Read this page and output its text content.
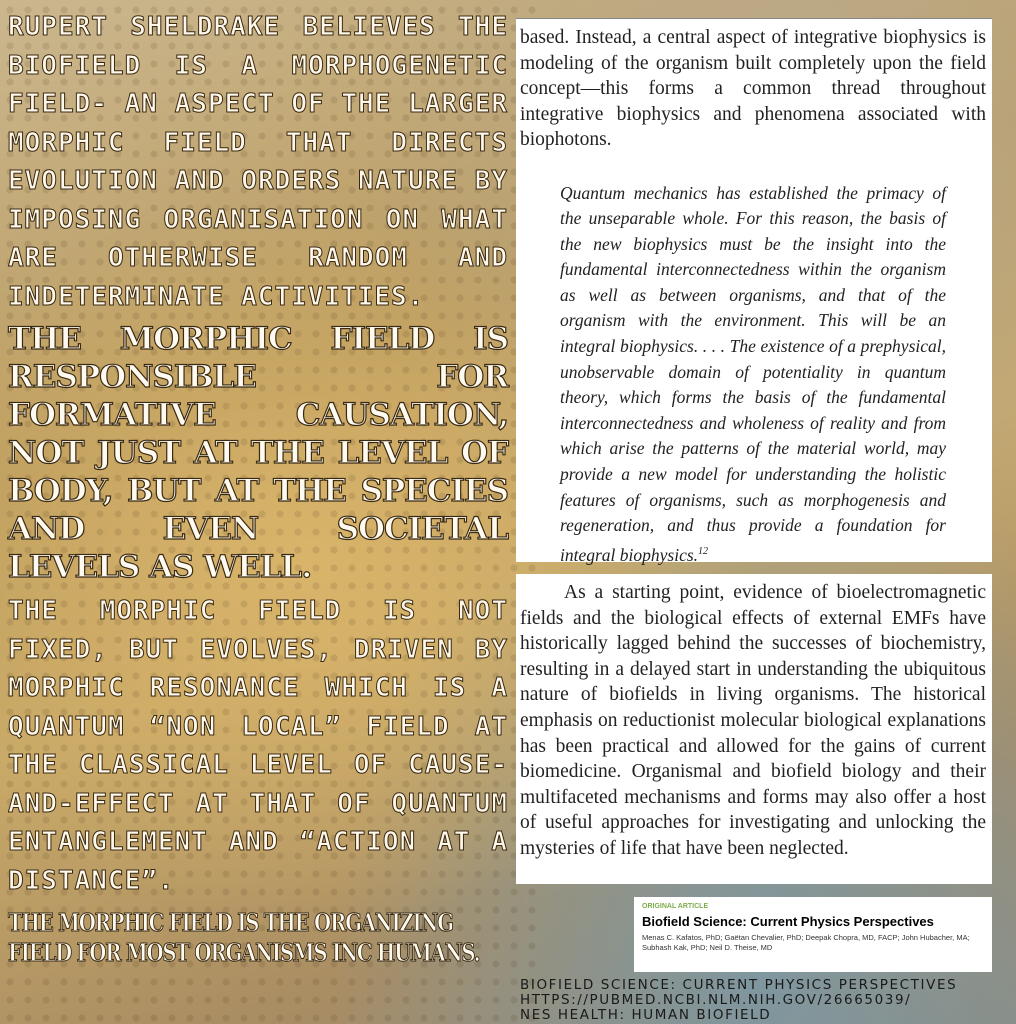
RUPERT SHELDRAKE BELIEVES THE BIOFIELD IS A MORPHOGENETIC FIELD- AN ASPECT OF THE LARGER MORPHIC FIELD THAT DIRECTS EVOLUTION AND ORDERS NATURE BY IMPOSING ORGANISATION ON WHAT ARE OTHERWISE RANDOM AND INDETERMINATE ACTIVITIES.

THE MORPHIC FIELD IS RESPONSIBLE FOR FORMATIVE CAUSATION, NOT JUST AT THE LEVEL OF BODY, BUT AT THE SPECIES AND EVEN SOCIETAL LEVELS AS WELL.

THE MORPHIC FIELD IS NOT FIXED, BUT EVOLVES, DRIVEN BY MORPHIC RESONANCE WHICH IS A QUANTUM “NON LOCAL” FIELD AT THE CLASSICAL LEVEL OF CAUSE-AND-EFFECT AT THAT OF QUANTUM ENTANGLEMENT AND “ACTION AT A DISTANCE”.

THE MORPHIC FIELD IS THE ORGANIZING FIELD FOR MOST ORGANISMS INC HUMANS.

based. Instead, a central aspect of integrative biophysics is modeling of the organism built completely upon the field concept—this forms a common thread throughout integrative biophysics and phenomena associated with biophotons.

Quantum mechanics has established the primacy of the unseparable whole. For this reason, the basis of the new biophysics must be the insight into the fundamental interconnectedness within the organism as well as between organisms, and that of the organism with the environment. This will be an integral biophysics. . . . The existence of a prephysical, unobservable domain of potentiality in quantum theory, which forms the basis of the fundamental interconnectedness and wholeness of reality and from which arise the patterns of the material world, may provide a new model for understanding the holistic features of organisms, such as morphogenesis and regeneration, and thus provide a foundation for integral biophysics.$^{12}$

As a starting point, evidence of bioelectromagnetic fields and the biological effects of external EMFs have historically lagged behind the successes of biochemistry, resulting in a delayed start in understanding the ubiquitous nature of biofields in living organisms. The historical emphasis on reductionist molecular biological explanations has been practical and allowed for the gains of current biomedicine. Organismal and biofield biology and their multifaceted mechanisms and forms may also offer a host of useful approaches for investigating and unlocking the mysteries of life that have been neglected.

ORIGINAL ARTICLE
Biofield Science: Current Physics Perspectives
Menas C. Kafatos, PhD; Gaëtan Chevalier, PhD; Deepak Chopra, MD, FACP; John Hubacher, MA; Subhash Kak, PhD; Neil D. Theise, MD
BIOFIELD SCIENCE: CURRENT PHYSICS PERSPECTIVES
HTTPS://PUBMED.NCBI.NLM.NIH.GOV/26665039/
NES HEALTH: HUMAN BIOFIELD
